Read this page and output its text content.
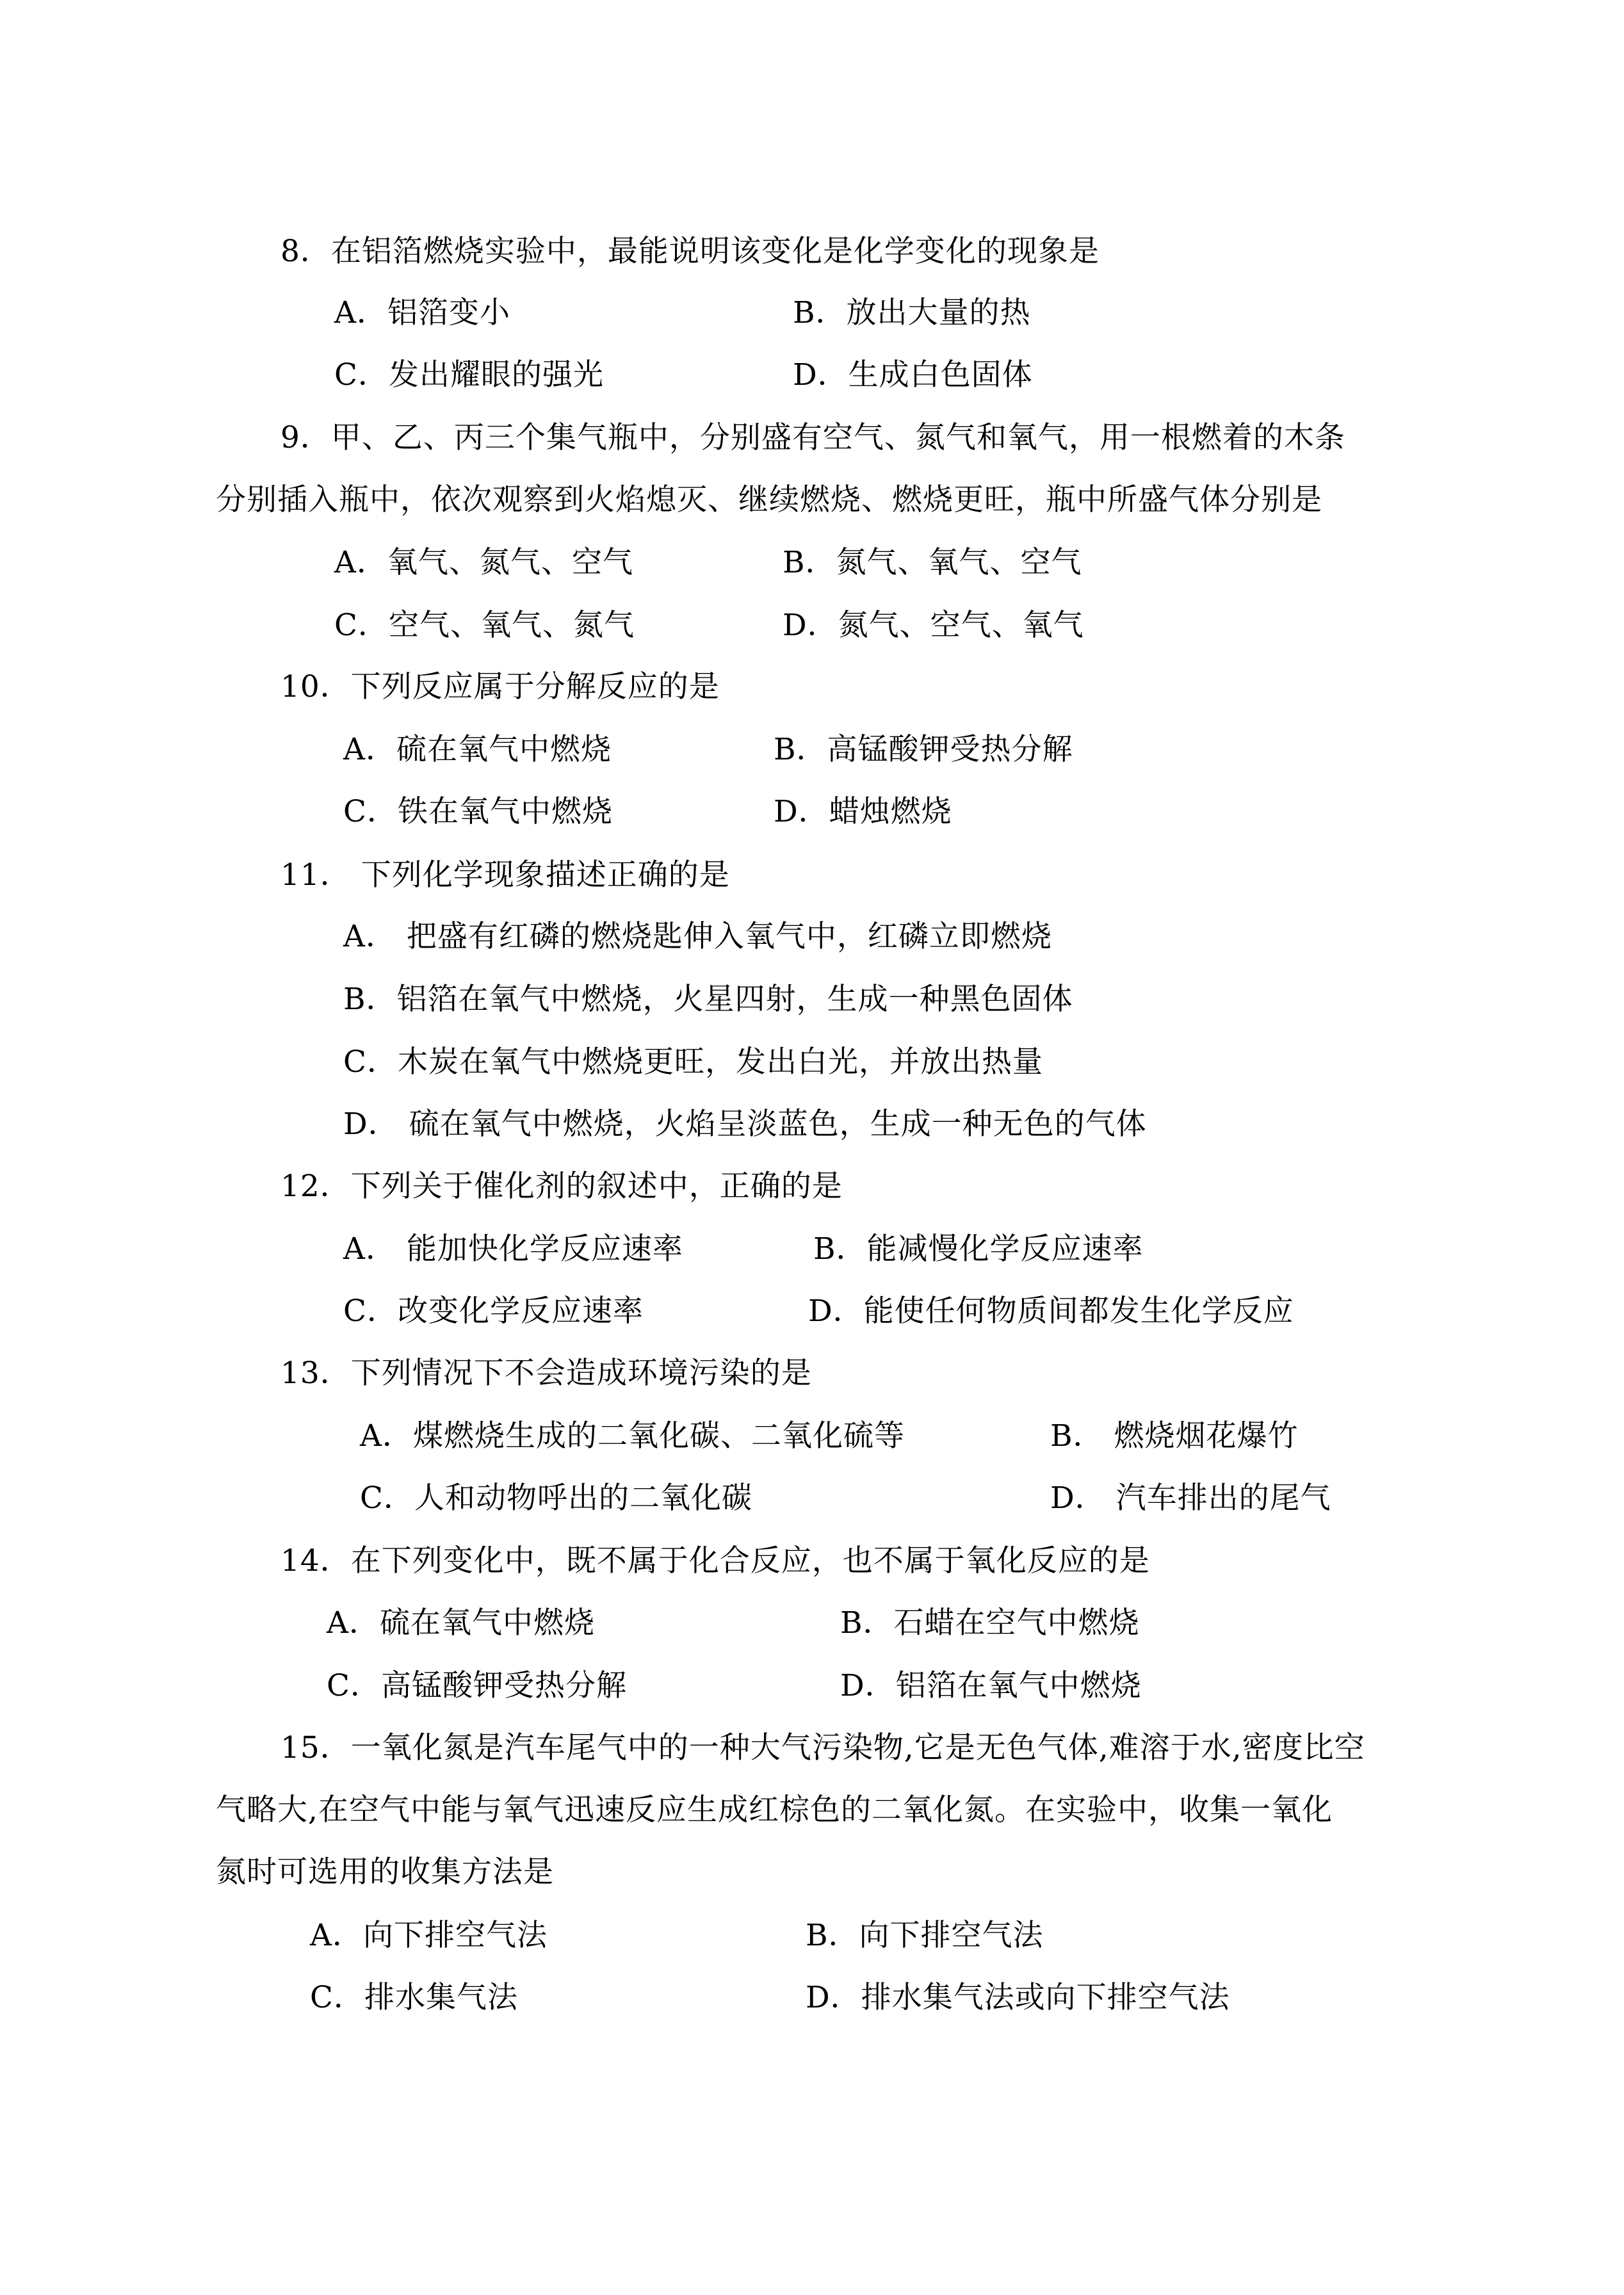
8．在铝箔燃烧实验中，最能说明该变化是化学变化的现象是
A．铝箔变小	B．放出大量的热
C．发出耀眼的强光	D．生成白色固体
9．甲、乙、丙三个集气瓶中，分别盛有空气、氮气和氧气，用一根燃着的木条
分别插入瓶中，依次观察到火焰熄灭、继续燃烧、燃烧更旺，瓶中所盛气体分别是
A．氧气、氮气、空气	B．氮气、氧气、空气
C．空气、氧气、氮气	D．氮气、空气、氧气
10．下列反应属于分解反应的是
A．硫在氧气中燃烧	B．高锰酸钾受热分解
C．铁在氧气中燃烧	D．蜡烛燃烧
11． 下列化学现象描述正确的是
A． 把盛有红磷的燃烧匙伸入氧气中，红磷立即燃烧
B．铝箔在氧气中燃烧，火星四射，生成一种黑色固体
C．木炭在氧气中燃烧更旺，发出白光，并放出热量
D． 硫在氧气中燃烧，火焰呈淡蓝色，生成一种无色的气体
12．下列关于催化剂的叙述中，正确的是
A． 能加快化学反应速率	B．能减慢化学反应速率
C．改变化学反应速率	D．能使任何物质间都发生化学反应
13．下列情况下不会造成环境污染的是
A．煤燃烧生成的二氧化碳、二氧化硫等	B． 燃烧烟花爆竹
C．人和动物呼出的二氧化碳	D． 汽车排出的尾气
14．在下列变化中，既不属于化合反应，也不属于氧化反应的是
A．硫在氧气中燃烧	B．石蜡在空气中燃烧
C．高锰酸钾受热分解	D．铝箔在氧气中燃烧
15．一氧化氮是汽车尾气中的一种大气污染物,它是无色气体,难溶于水,密度比空
气略大,在空气中能与氧气迅速反应生成红棕色的二氧化氮。在实验中，收集一氧化
氮时可选用的收集方法是
A．向下排空气法	B．向下排空气法
C．排水集气法	D．排水集气法或向下排空气法
